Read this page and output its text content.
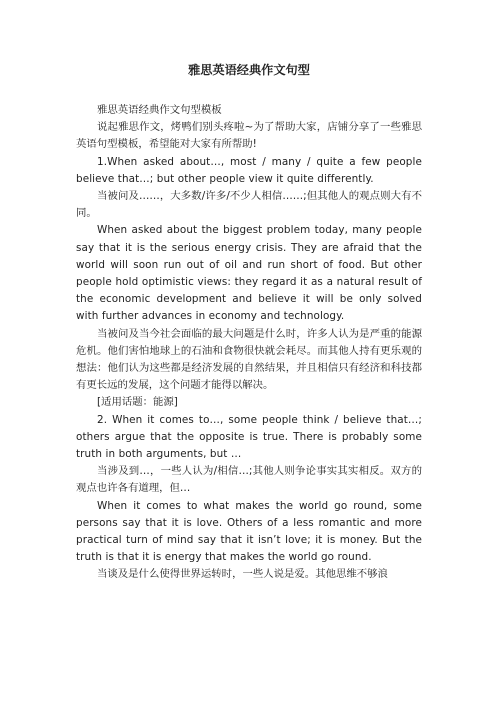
雅思英语经典作文句型

雅思英语经典作文句型模板

说起雅思作文，烤鸭们别头疼啦~为了帮助大家，店铺分享了一些雅思英语句型模板，希望能对大家有所帮助!

1.When asked about…, most / many / quite a few people believe that…; but other people view it quite differently.

当被问及……，大多数/许多/不少人相信……;但其他人的观点则大有不同。

When asked about the biggest problem today, many people say that it is the serious energy crisis. They are afraid that the world will soon run out of oil and run short of food. But other people hold optimistic views: they regard it as a natural result of the economic development and believe it will be only solved with further advances in economy and technology.

当被问及当今社会面临的最大问题是什么时，许多人认为是严重的能源危机。他们害怕地球上的石油和食物很快就会耗尽。而其他人持有更乐观的想法：他们认为这些都是经济发展的自然结果，并且相信只有经济和科技都有更长远的发展，这个问题才能得以解决。

[适用话题：能源]

2. When it comes to…, some people think / believe that…; others argue that the opposite is true. There is probably some truth in both arguments, but …

当涉及到…，一些人认为/相信…;其他人则争论事实其实相反。双方的观点也许各有道理，但…

When it comes to what makes the world go round, some persons say that it is love. Others of a less romantic and more practical turn of mind say that it isn’t love; it is money. But the truth is that it is energy that makes the world go round.

当谈及是什么使得世界运转时，一些人说是爱。其他思维不够浪
